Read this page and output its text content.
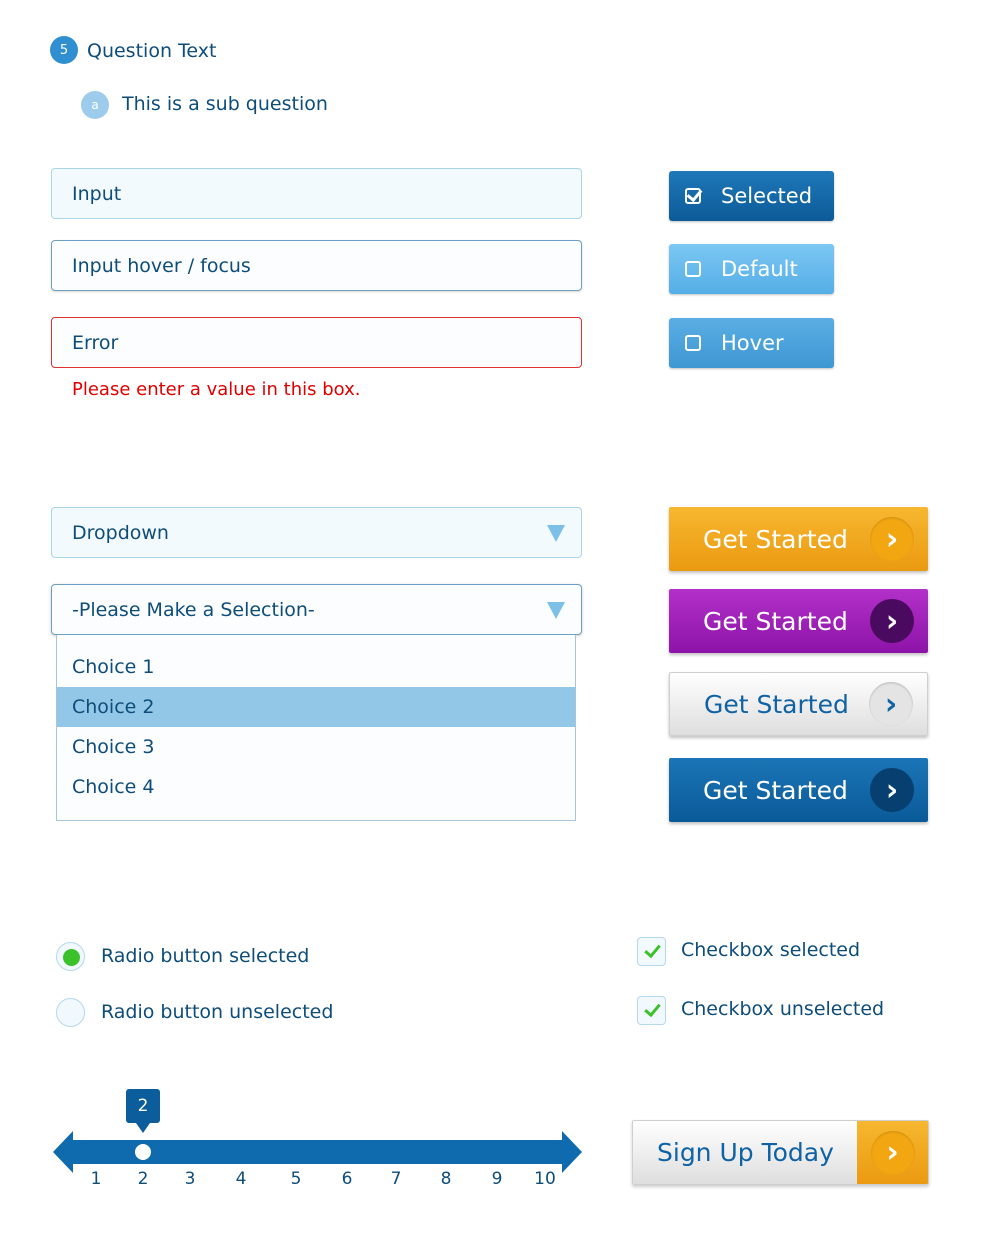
5 Question Text
a	This is a sub question
Input
Input hover / focus
Error
Please enter a value in this box.
Selected
Default
Hover
Dropdown
-Please Make a Selection-
Choice 1
Choice 2
Choice 3
Choice 4
Get Started	›
Get Started	›
Get Started	›
Get Started	›
Radio button selected
Radio button unselected
Checkbox selected
Checkbox unselected
2
1	2	3	4	5	6	7	8	9	10
Sign Up Today	›
